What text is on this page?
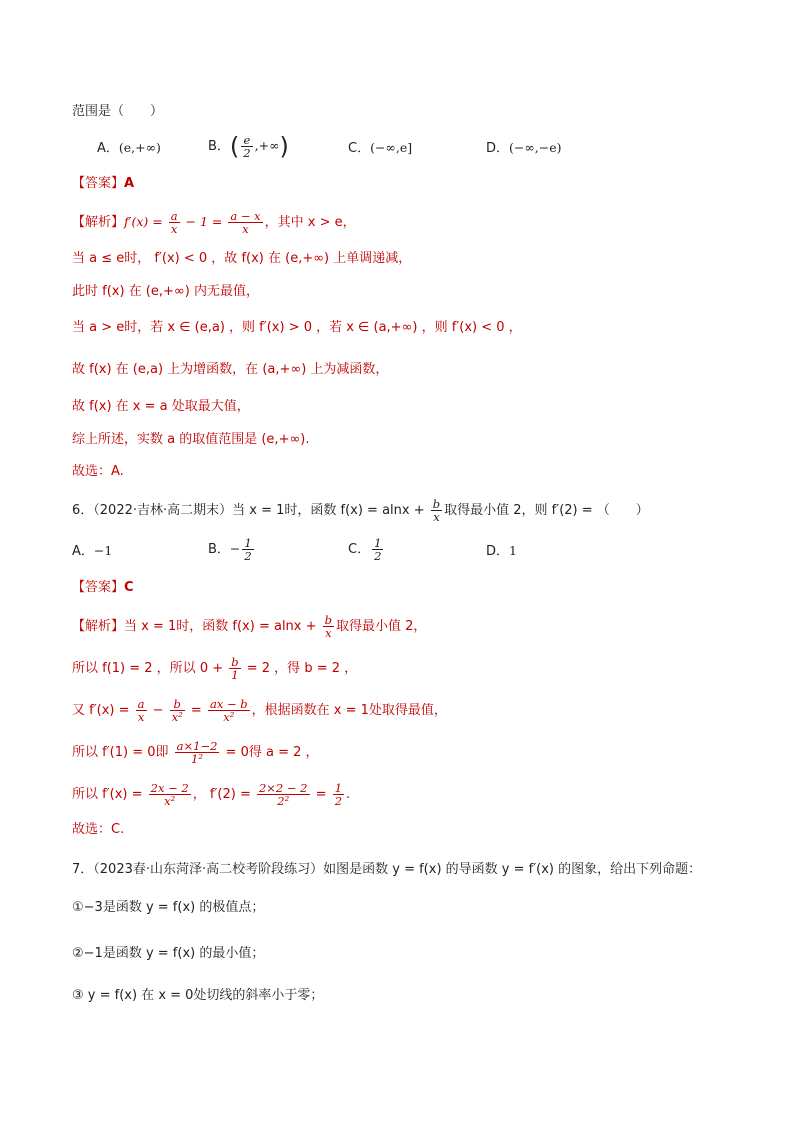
范围是（　　）
A．(e,+∞)	B．( $\frac{e}{2}$ ,+∞)	C．(−∞,e]	D．(−∞,−e)
【答案】A
【解析】$f'(x) = \frac{a}{x} - 1 = \frac{a - x}{x}$ ，其中 x > e，
当 a ≤ e时， f′(x) < 0 ，故 f(x) 在 (e,+∞) 上单调递减，
此时 f(x) 在 (e,+∞) 内无最值，
当 a > e时，若 x ∈ (e,a) ，则 f′(x) > 0 ，若 x ∈ (a,+∞) ，则 f′(x) < 0 ，
故 f(x) 在 (e,a) 上为增函数，在 (a,+∞) 上为减函数，
故 f(x) 在 x = a 处取最大值，
综上所述，实数 a 的取值范围是 (e,+∞).
故选：A.
6．（2022·吉林·高二期末）当 x = 1时，函数 $f(x) = alnx + \frac{b}{x}$ 取得最小值 2，则 f′(2) = （　　）
A．−1	B．− $\frac{1}{2}$	C． $\frac{1}{2}$	D．1
【答案】C
【解析】当 x = 1时，函数 $f(x) = alnx + \frac{b}{x}$ 取得最小值 2，
所以 f(1) = 2 ，所以 $0 + \frac{b}{1} = 2$ ，得 b = 2 ，
又 $f'(x) = \frac{a}{x} - \frac{b}{\text{x²}} = \frac{ax - b}{\text{x²}}$ ，根据函数在 x = 1处取得最值，
所以 f′(1) = 0即 $\frac{a\times 1-2}{\text{1²}} = 0$得 a = 2 ，
所以 $f'(x) = \frac{2x - 2}{\text{x²}}$ ， $f'(2) = \frac{2\times 2 - 2}{\text{2²}} = \frac{1}{2}$ .
故选：C.
7．（2023春·山东菏泽·高二校考阶段练习）如图是函数 y = f(x) 的导函数 y = f′(x) 的图象，给出下列命题：
①−3是函数 y = f(x) 的极值点；
②−1是函数 y = f(x) 的最小值；
③ y = f(x) 在 x = 0处切线的斜率小于零；
